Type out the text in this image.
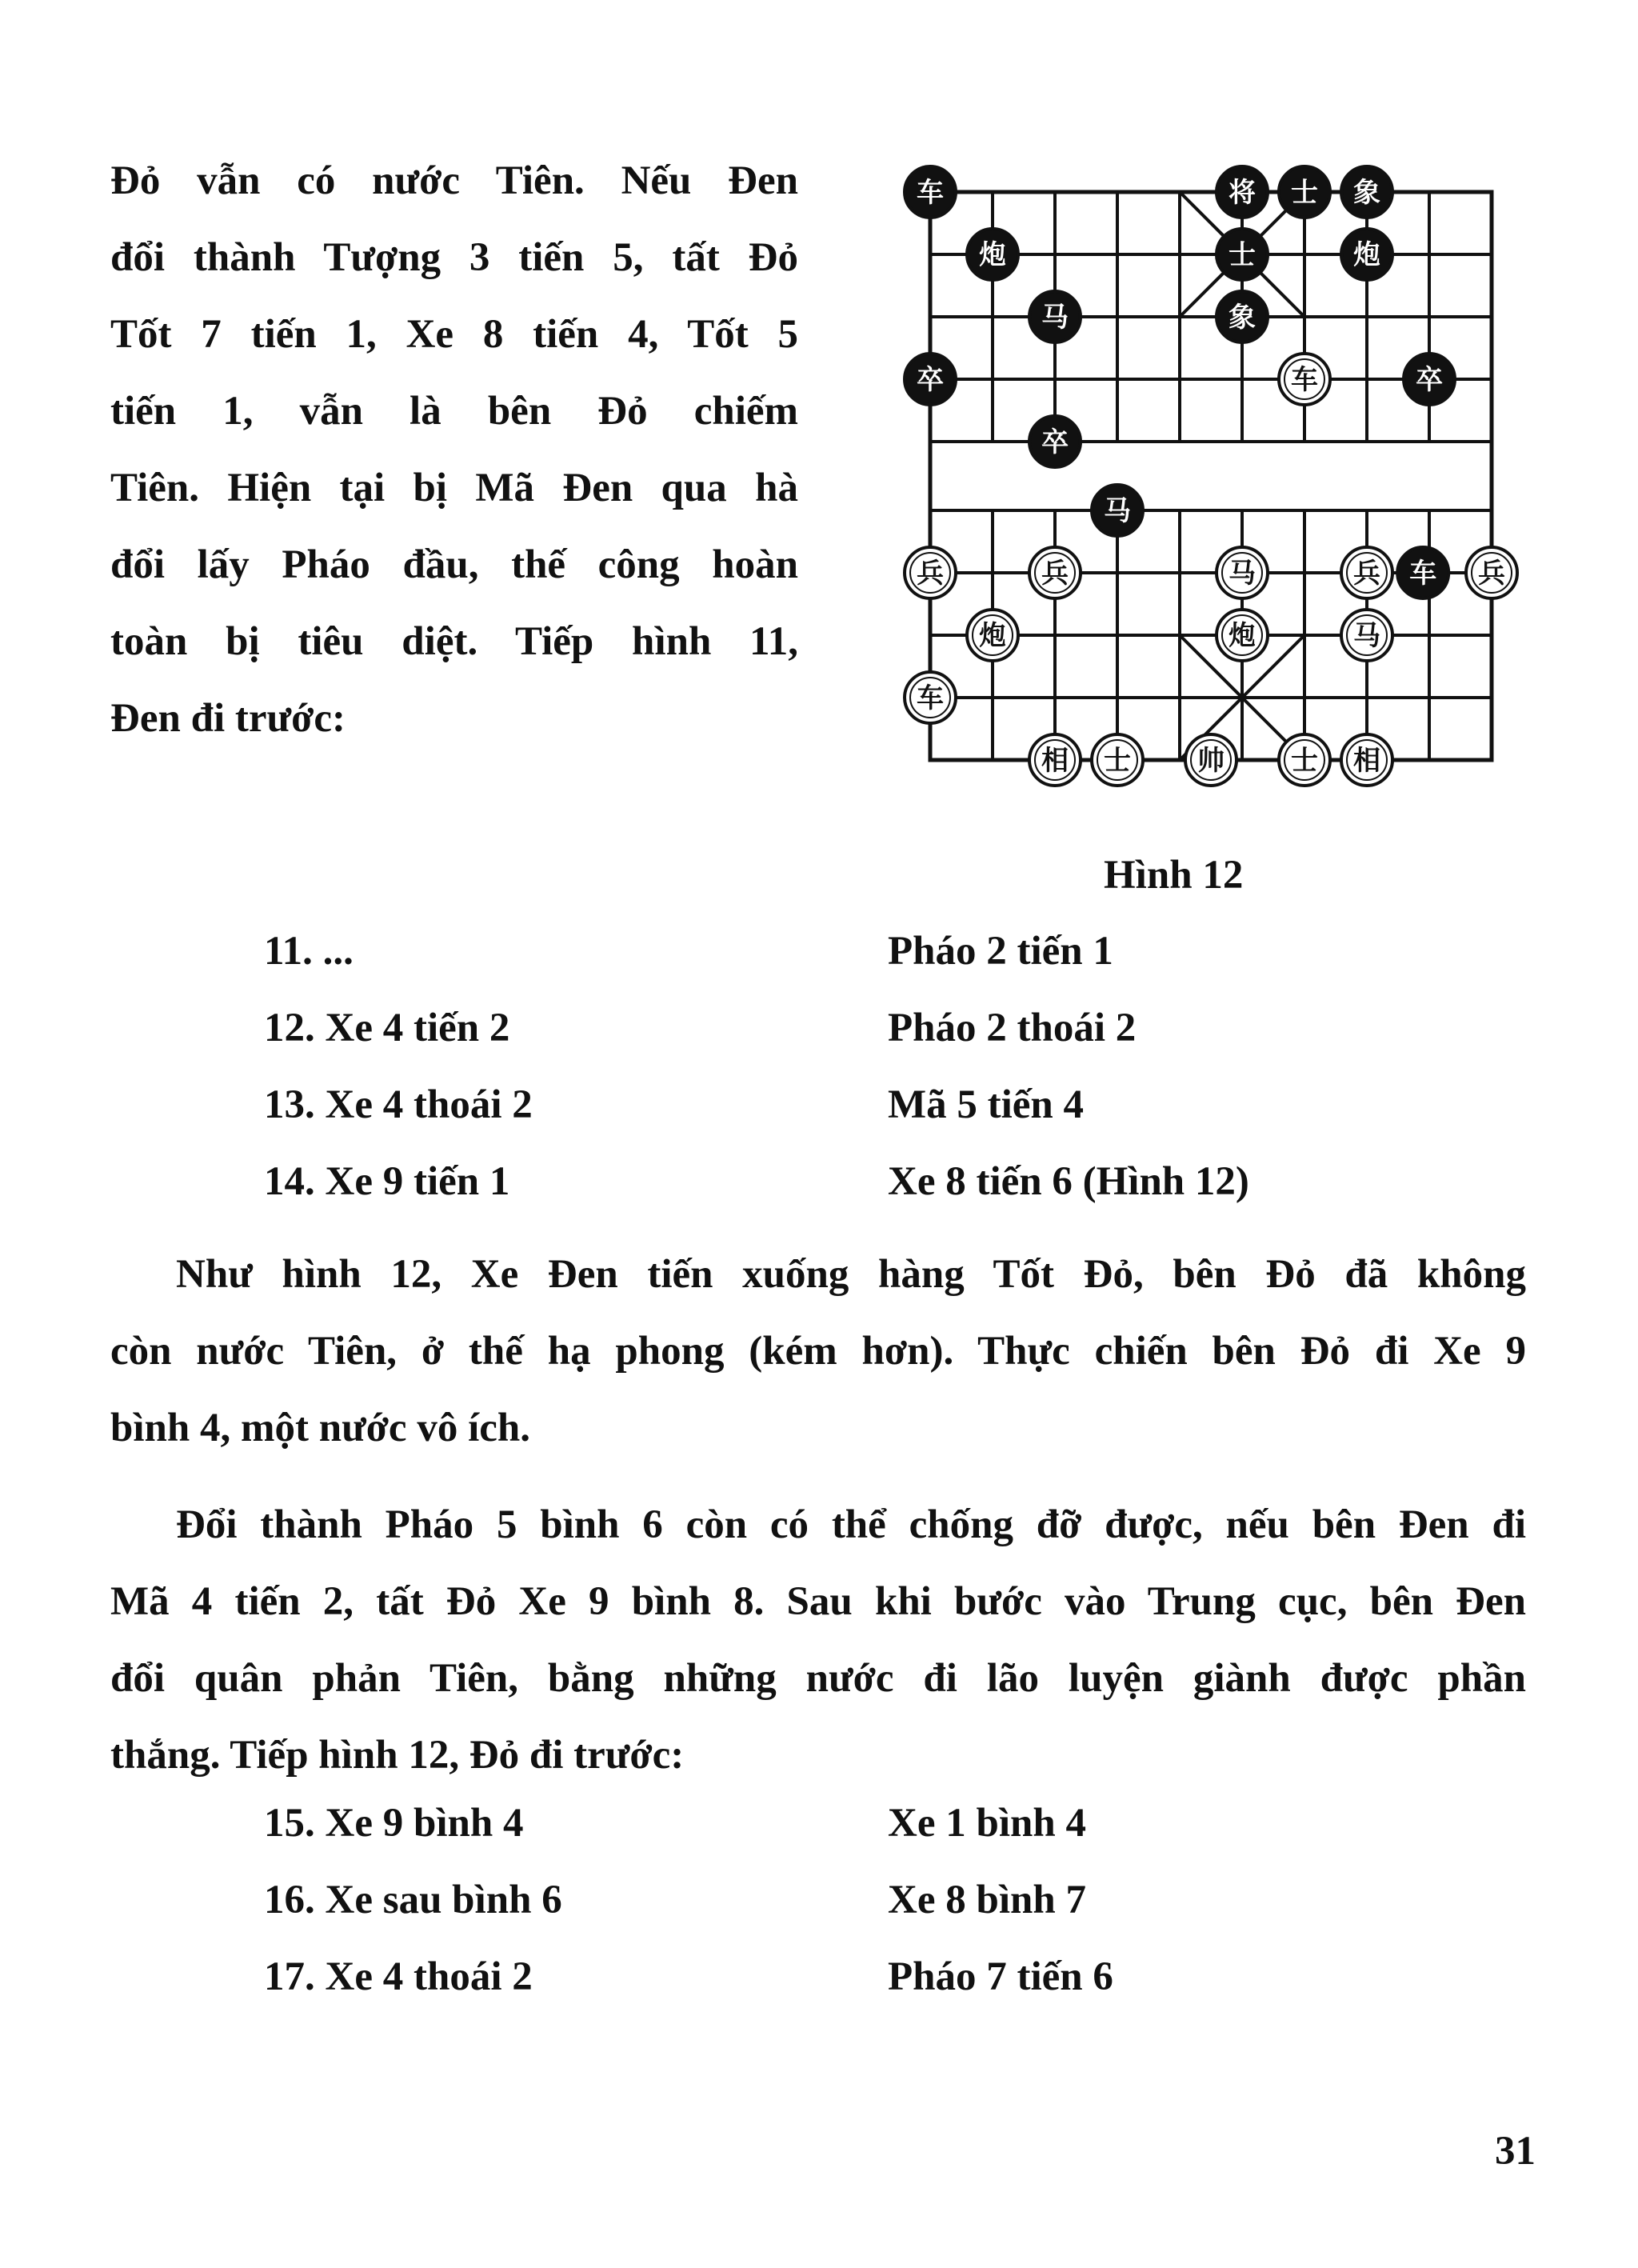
Đỏ vẫn có nước Tiên. Nếu Đen
đổi thành Tượng 3 tiến 5, tất Đỏ
Tốt 7 tiến 1, Xe 8 tiến 4, Tốt 5
tiến 1, vẫn là bên Đỏ chiếm
Tiên. Hiện tại bị Mã Đen qua hà
đổi lấy Pháo đầu, thế công hoàn
toàn bị tiêu diệt. Tiếp hình 11,
Đen đi trước:
车	将 士 象
炮	士	炮
马	象
卒	车	卒
卒
马
兵	兵	马	兵 车 兵
炮	炮	马
车
相 士 帅 士 相

Hình 12

11. ...	Pháo 2 tiến 1
12. Xe 4 tiến 2	Pháo 2 thoái 2
13. Xe 4 thoái 2	Mã 5 tiến 4
14. Xe 9 tiến 1	Xe 8 tiến 6 (Hình 12)
Như hình 12, Xe Đen tiến xuống hàng Tốt Đỏ, bên Đỏ đã không
còn nước Tiên, ở thế hạ phong (kém hơn). Thực chiến bên Đỏ đi Xe 9
bình 4, một nước vô ích.
Đổi thành Pháo 5 bình 6 còn có thể chống đỡ được, nếu bên Đen đi
Mã 4 tiến 2, tất Đỏ Xe 9 bình 8. Sau khi bước vào Trung cục, bên Đen
đổi quân phản Tiên, bằng những nước đi lão luyện giành được phần
thắng. Tiếp hình 12, Đỏ đi trước:
15. Xe 9 bình 4	Xe 1 bình 4
16. Xe sau bình 6	Xe 8 bình 7
17. Xe 4 thoái 2	Pháo 7 tiến 6

31
